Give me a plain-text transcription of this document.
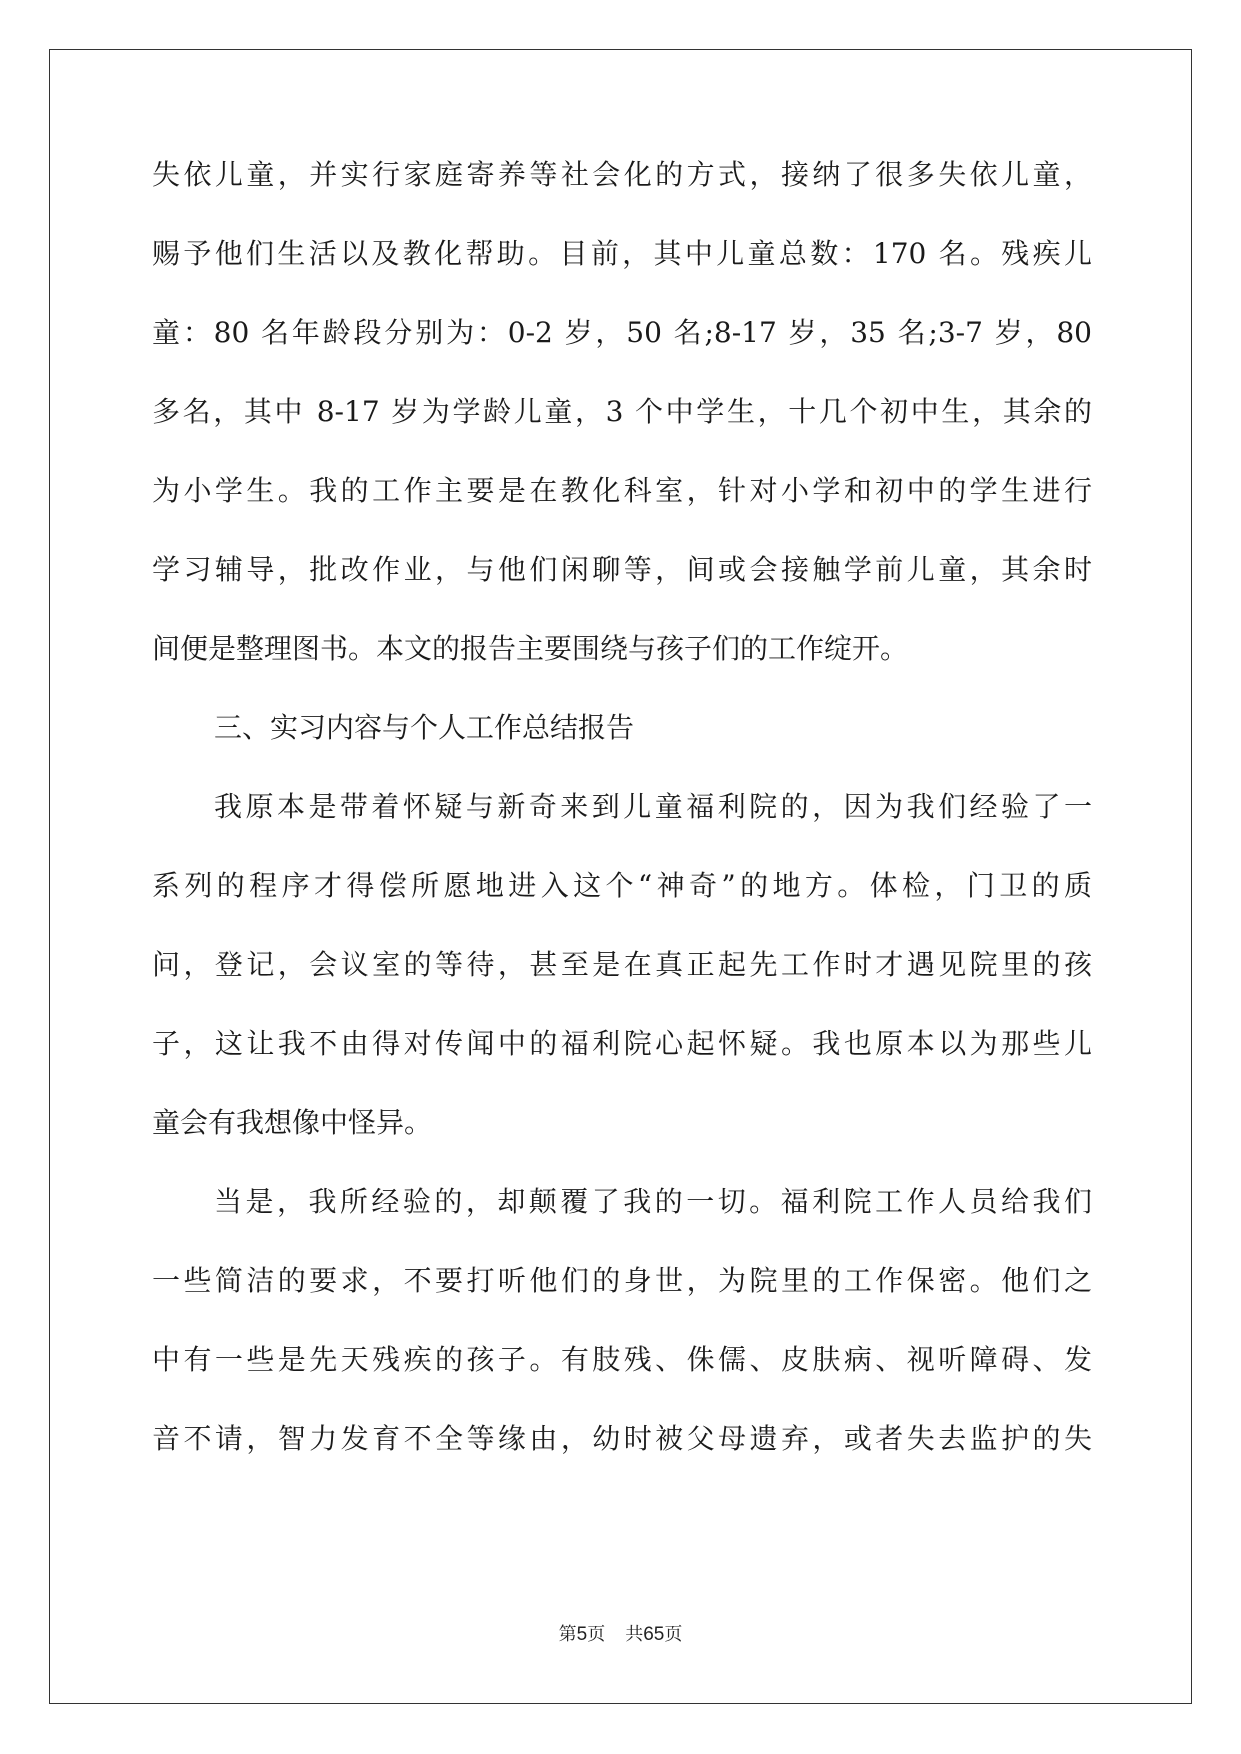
失依儿童，并实行家庭寄养等社会化的方式，接纳了很多失依儿童，
赐予他们生活以及教化帮助。目前，其中儿童总数：170 名。残疾儿
童：80 名年龄段分别为：0-2 岁，50 名;8-17 岁，35 名;3-7 岁，80
多名，其中 8-17 岁为学龄儿童，3 个中学生，十几个初中生，其余的
为小学生。我的工作主要是在教化科室，针对小学和初中的学生进行
学习辅导，批改作业，与他们闲聊等，间或会接触学前儿童，其余时
间便是整理图书。本文的报告主要围绕与孩子们的工作绽开。
三、实习内容与个人工作总结报告
我原本是带着怀疑与新奇来到儿童福利院的，因为我们经验了一
系列的程序才得偿所愿地进入这个“神奇”的地方。体检，门卫的质
问，登记，会议室的等待，甚至是在真正起先工作时才遇见院里的孩
子，这让我不由得对传闻中的福利院心起怀疑。我也原本以为那些儿
童会有我想像中怪异。
当是，我所经验的，却颠覆了我的一切。福利院工作人员给我们
一些简洁的要求，不要打听他们的身世，为院里的工作保密。他们之
中有一些是先天残疾的孩子。有肢残、侏儒、皮肤病、视听障碍、发
音不请，智力发育不全等缘由，幼时被父母遗弃，或者失去监护的失
第5页 共65页
